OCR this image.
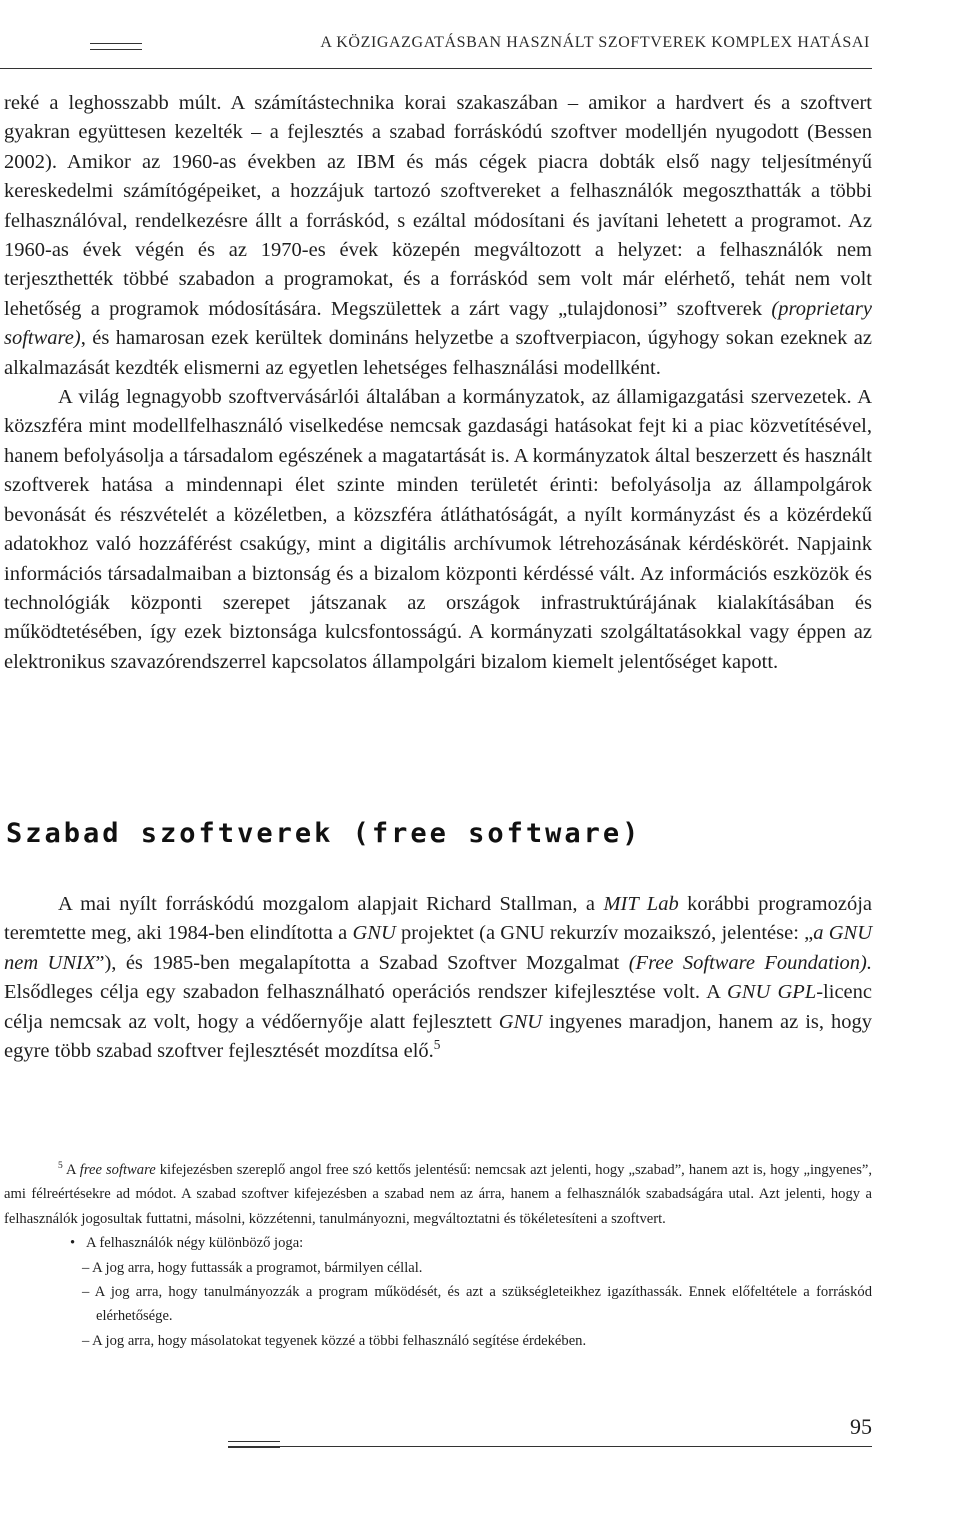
A KÖZIGAZGATÁSBAN HASZNÁLT SZOFTVEREK KOMPLEX HATÁSAI

reké a leghosszabb múlt. A számítástechnika korai szakaszában – amikor a hardvert és a szoftvert gyakran együttesen kezelték – a fejlesztés a szabad forráskódú szoftver modelljén nyugodott (Bessen 2002). Amikor az 1960-as években az IBM és más cégek piacra dobták első nagy teljesítményű kereskedelmi számítógépeiket, a hozzájuk tartozó szoftvereket a felhasználók megoszthatták a többi felhasználóval, rendelkezésre állt a forráskód, s ezáltal módosítani és javítani lehetett a programot. Az 1960-as évek végén és az 1970-es évek közepén megváltozott a helyzet: a felhasználók nem terjeszthették többé szabadon a programokat, és a forráskód sem volt már elérhető, tehát nem volt lehetőség a programok módosítására. Megszülettek a zárt vagy „tulajdonosi” szoftverek (proprietary software), és hamarosan ezek kerültek domináns helyzetbe a szoftverpiacon, úgyhogy sokan ezeknek az alkalmazását kezdték elismerni az egyetlen lehetséges felhasználási modellként.

A világ legnagyobb szoftvervásárlói általában a kormányzatok, az államigazgatási szervezetek. A közszféra mint modellfelhasználó viselkedése nemcsak gazdasági hatásokat fejt ki a piac közvetítésével, hanem befolyásolja a társadalom egészének a magatartását is. A kormányzatok által beszerzett és használt szoftverek hatása a mindennapi élet szinte minden területét érinti: befolyásolja az állampolgárok bevonását és részvételét a közéletben, a közszféra átláthatóságát, a nyílt kormányzást és a közérdekű adatokhoz való hozzáférést csakúgy, mint a digitális archívumok létrehozásának kérdéskörét. Napjaink információs társadalmaiban a biztonság és a bizalom központi kérdéssé vált. Az információs eszközök és technológiák központi szerepet játszanak az országok infrastruktúrájának kialakításában és működtetésében, így ezek biztonsága kulcsfontosságú. A kormányzati szolgáltatásokkal vagy éppen az elektronikus szavazórendszerrel kapcsolatos állampolgári bizalom kiemelt jelentőséget kapott.

Szabad szoftverek (free software)

A mai nyílt forráskódú mozgalom alapjait Richard Stallman, a MIT Lab korábbi programozója teremtette meg, aki 1984-ben elindította a GNU projektet (a GNU rekurzív mozaikszó, jelentése: „a GNU nem UNIX”), és 1985-ben megalapította a Szabad Szoftver Mozgalmat (Free Software Foundation). Elsődleges célja egy szabadon felhasználható operációs rendszer kifejlesztése volt. A GNU GPL-licenc célja nemcsak az volt, hogy a védőernyője alatt fejlesztett GNU ingyenes maradjon, hanem az is, hogy egyre több szabad szoftver fejlesztését mozdítsa elő.$^5$

$^5$ A free software kifejezésben szereplő angol free szó kettős jelentésű: nemcsak azt jelenti, hogy „szabad”, hanem azt is, hogy „ingyenes”, ami félreértésekre ad módot. A szabad szoftver kifejezésben a szabad nem az árra, hanem a felhasználók szabadságára utal. Azt jelenti, hogy a felhasználók jogosultak futtatni, másolni, közzétenni, tanulmányozni, megváltoztatni és tökéletesíteni a szoftvert.

• A felhasználók négy különböző joga:
– A jog arra, hogy futtassák a programot, bármilyen céllal.
– A jog arra, hogy tanulmányozzák a program működését, és azt a szükségleteikhez igazíthassák. Ennek előfeltétele a forráskód elérhetősége.
– A jog arra, hogy másolatokat tegyenek közzé a többi felhasználó segítése érdekében.
95
